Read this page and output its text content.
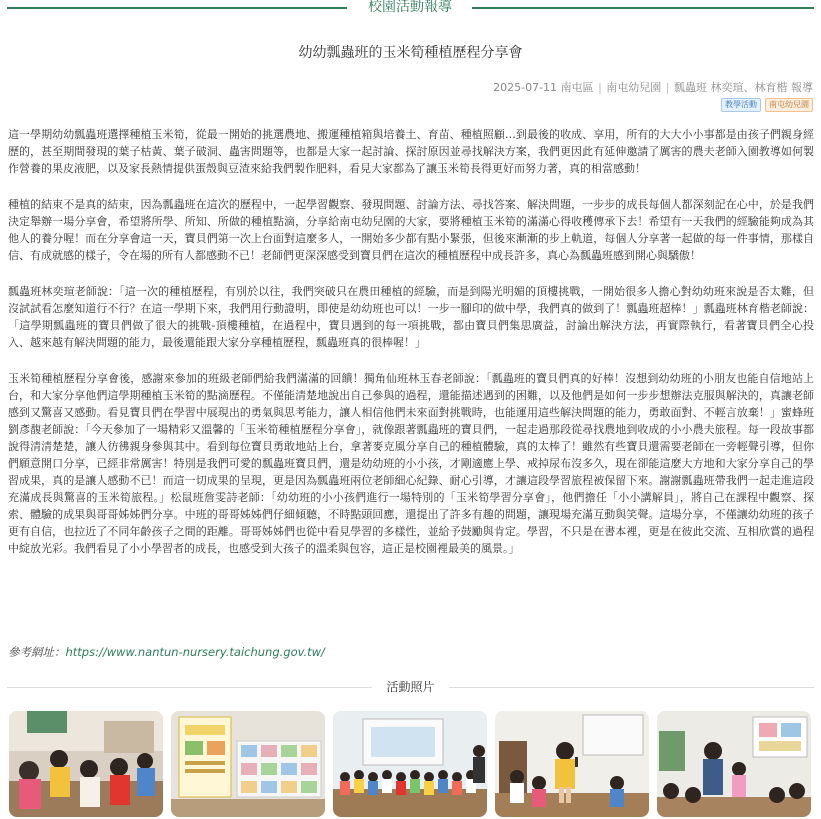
校園活動報導
幼幼瓢蟲班的玉米筍種植歷程分享會
2025-07-11 南屯區 | 南屯幼兒園 | 瓢蟲班 林奕瑄、林育楷 報導
教學活動	南屯幼兒園

這一學期幼幼瓢蟲班選擇種植玉米筍，從最一開始的挑選農地、搬運種植箱與培養土、育苗、種植照顧…到最後的收成、享用，所有的大大小小事都是由孩子們親身經歷的，甚至期間發現的葉子枯黃、葉子破洞、蟲害問題等，也都是大家一起討論、探討原因並尋找解決方案，我們更因此有延伸邀請了厲害的農夫老師入園教導如何製作營養的果皮液肥，以及家長熱情提供蛋殼與豆渣來給我們製作肥料，看見大家都為了讓玉米筍長得更好而努力著，真的相當感動！

種植的結束不是真的結束，因為瓢蟲班在這次的歷程中，一起學習觀察、發現問題、討論方法、尋找答案、解決問題，一步步的成長每個人都深刻記在心中，於是我們決定舉辦一場分享會，希望將所學、所知、所做的種植點滴，分享給南屯幼兒園的大家，要將種植玉米筍的滿滿心得收穫傳承下去！希望有一天我們的經驗能夠成為其他人的養分喔！而在分享會這一天，寶貝們第一次上台面對這麼多人，一開始多少都有點小緊張，但後來漸漸的步上軌道，每個人分享著一起做的每一件事情，那樣自信、有成就感的樣子，令在場的所有人都感動不已！老師們更深深感受到寶貝們在這次的種植歷程中成長許多，真心為瓢蟲班感到開心與驕傲！

瓢蟲班林奕瑄老師說：「這一次的種植歷程，有別於以往，我們突破只在農田種植的經驗，而是到陽光明媚的頂樓挑戰，一開始很多人擔心對幼幼班來說是否太難，但沒試試看怎麼知道行不行？在這一學期下來，我們用行動證明，即使是幼幼班也可以！一步一腳印的做中學，我們真的做到了！瓢蟲班超棒！」瓢蟲班林育楷老師說：「這學期瓢蟲班的寶貝們做了很大的挑戰-頂樓種植，在過程中，寶貝遇到的每一項挑戰，都由寶貝們集思廣益，討論出解決方法，再實際執行，看著寶貝們全心投入、越來越有解決問題的能力，最後還能跟大家分享種植歷程，瓢蟲班真的很棒喔！」

玉米筍種植歷程分享會後，感謝來參加的班級老師們給我們滿滿的回饋！獨角仙班林玉春老師說：「瓢蟲班的寶貝們真的好棒！沒想到幼幼班的小朋友也能自信地站上台，和大家分享他們這學期種植玉米筍的點滴歷程。不僅能清楚地說出自己參與的過程，還能描述遇到的困難，以及他們是如何一步步想辦法克服與解決的，真讓老師感到又驚喜又感動。看見寶貝們在學習中展現出的勇氣與思考能力，讓人相信他們未來面對挑戰時，也能運用這些解決問題的能力，勇敢面對、不輕言放棄！」蜜蜂班劉彥馥老師說：「今天參加了一場精彩又溫馨的「玉米筍種植歷程分享會」，就像跟著瓢蟲班的寶貝們，一起走過那段從尋找農地到收成的小小農夫旅程。每一段故事都說得清清楚楚，讓人彷彿親身參與其中。看到每位寶貝勇敢地站上台，拿著麥克風分享自己的種植體驗，真的太棒了！雖然有些寶貝還需要老師在一旁輕聲引導，但你們願意開口分享，已經非常厲害！特別是我們可愛的瓢蟲班寶貝們，還是幼幼班的小小孩，才剛適應上學、戒掉尿布沒多久，現在卻能這麼大方地和大家分享自己的學習成果，真的是讓人感動不已！而這一切成果的呈現，更是因為瓢蟲班兩位老師細心紀錄、耐心引導，才讓這段學習旅程被保留下來。謝謝瓢蟲班帶我們一起走進這段充滿成長與驚喜的玉米筍旅程。」松鼠班詹雯詩老師：「幼幼班的小小孩們進行一場特別的「玉米筍學習分享會」，他們擔任「小小講解員」，將自己在課程中觀察、探索、體驗的成果與哥哥姊姊們分享。中班的哥哥姊姊們仔細傾聽，不時點頭回應，還提出了許多有趣的問題，讓現場充滿互動與笑聲。這場分享，不僅讓幼幼班的孩子更有自信，也拉近了不同年齡孩子之間的距離。哥哥姊姊們也從中看見學習的多樣性，並給予鼓勵與肯定。學習，不只是在書本裡，更是在彼此交流、互相欣賞的過程中綻放光彩。我們看見了小小學習者的成長，也感受到大孩子的溫柔與包容，這正是校園裡最美的風景。」

參考網址：https://www.nantun-nursery.taichung.gov.tw/
活動照片
